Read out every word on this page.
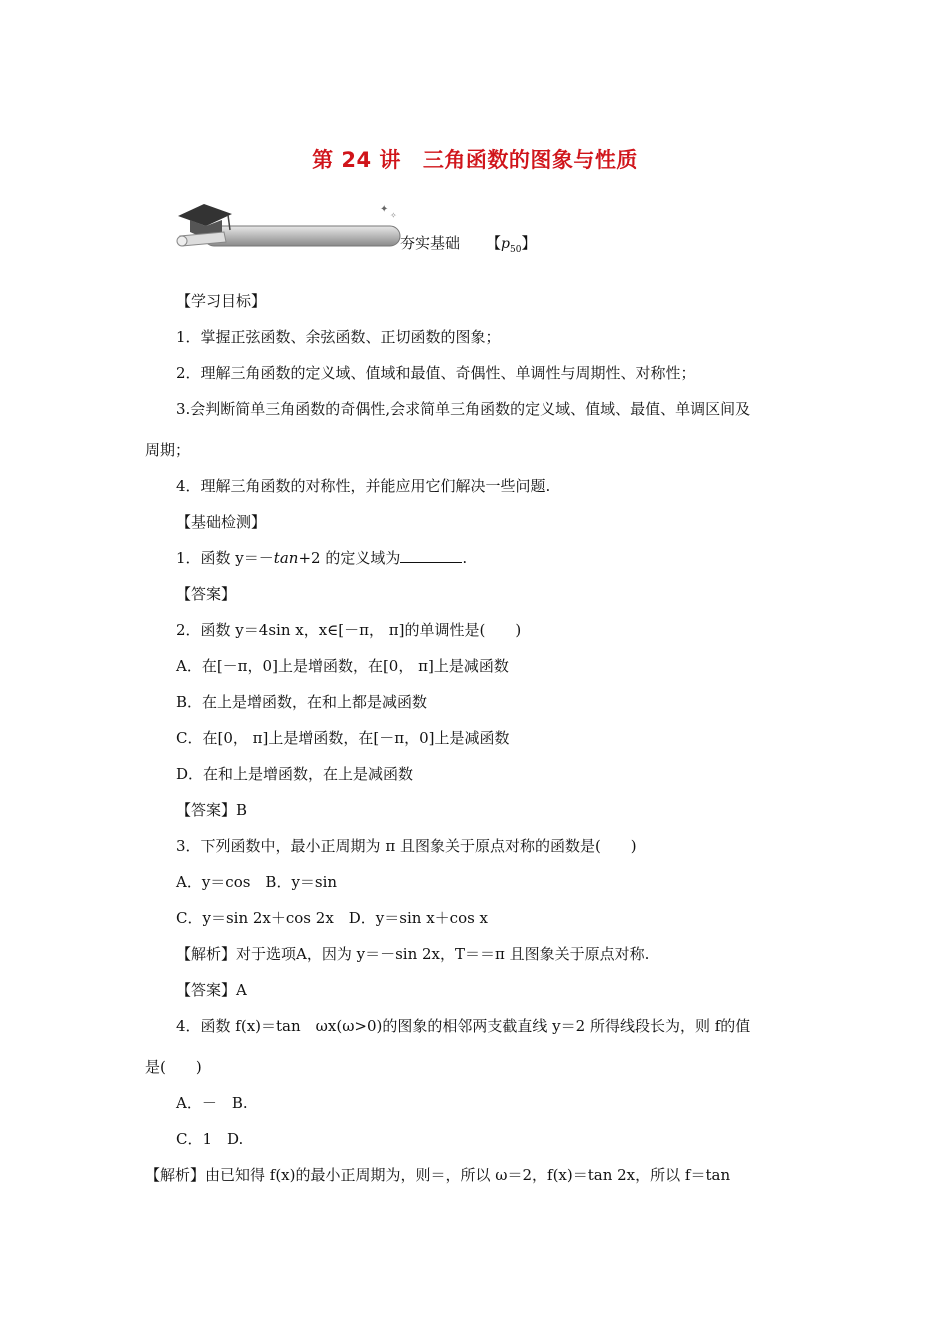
第 24 讲 三角函数的图象与性质
✦
✧
夯实基础 【$p_{50}$】
【学习目标】
1．掌握正弦函数、余弦函数、正切函数的图象；
2．理解三角函数的定义域、值域和最值、奇偶性、单调性与周期性、对称性；
3.会判断简单三角函数的奇偶性,会求简单三角函数的定义域、值域、最值、单调区间及
周期；
4．理解三角函数的对称性，并能应用它们解决一些问题.
【基础检测】
1．函数 y＝－tan+2 的定义域为	.
【答案】
2．函数 y＝4sin x，x∈[－π， π]的单调性是(　　)
A．在[－π，0]上是增函数，在[0， π]上是减函数
B．在上是增函数，在和上都是减函数
C．在[0， π]上是增函数，在[－π，0]上是减函数
D．在和上是增函数，在上是减函数
【答案】B
3．下列函数中，最小正周期为 π 且图象关于原点对称的函数是(　　)
A．y＝cos　B．y＝sin
C．y＝sin 2x＋cos 2x　D．y＝sin x＋cos x
【解析】对于选项A，因为 y＝－sin 2x，T＝＝π 且图象关于原点对称.
【答案】A
4．函数 f(x)＝tan　ωx(ω>0)的图象的相邻两支截直线 y＝2 所得线段长为，则 f的值
是(　　)
A．－　B.
C．1　D.
【解析】由已知得 f(x)的最小正周期为，则＝，所以 ω＝2，f(x)＝tan 2x，所以 f＝tan
